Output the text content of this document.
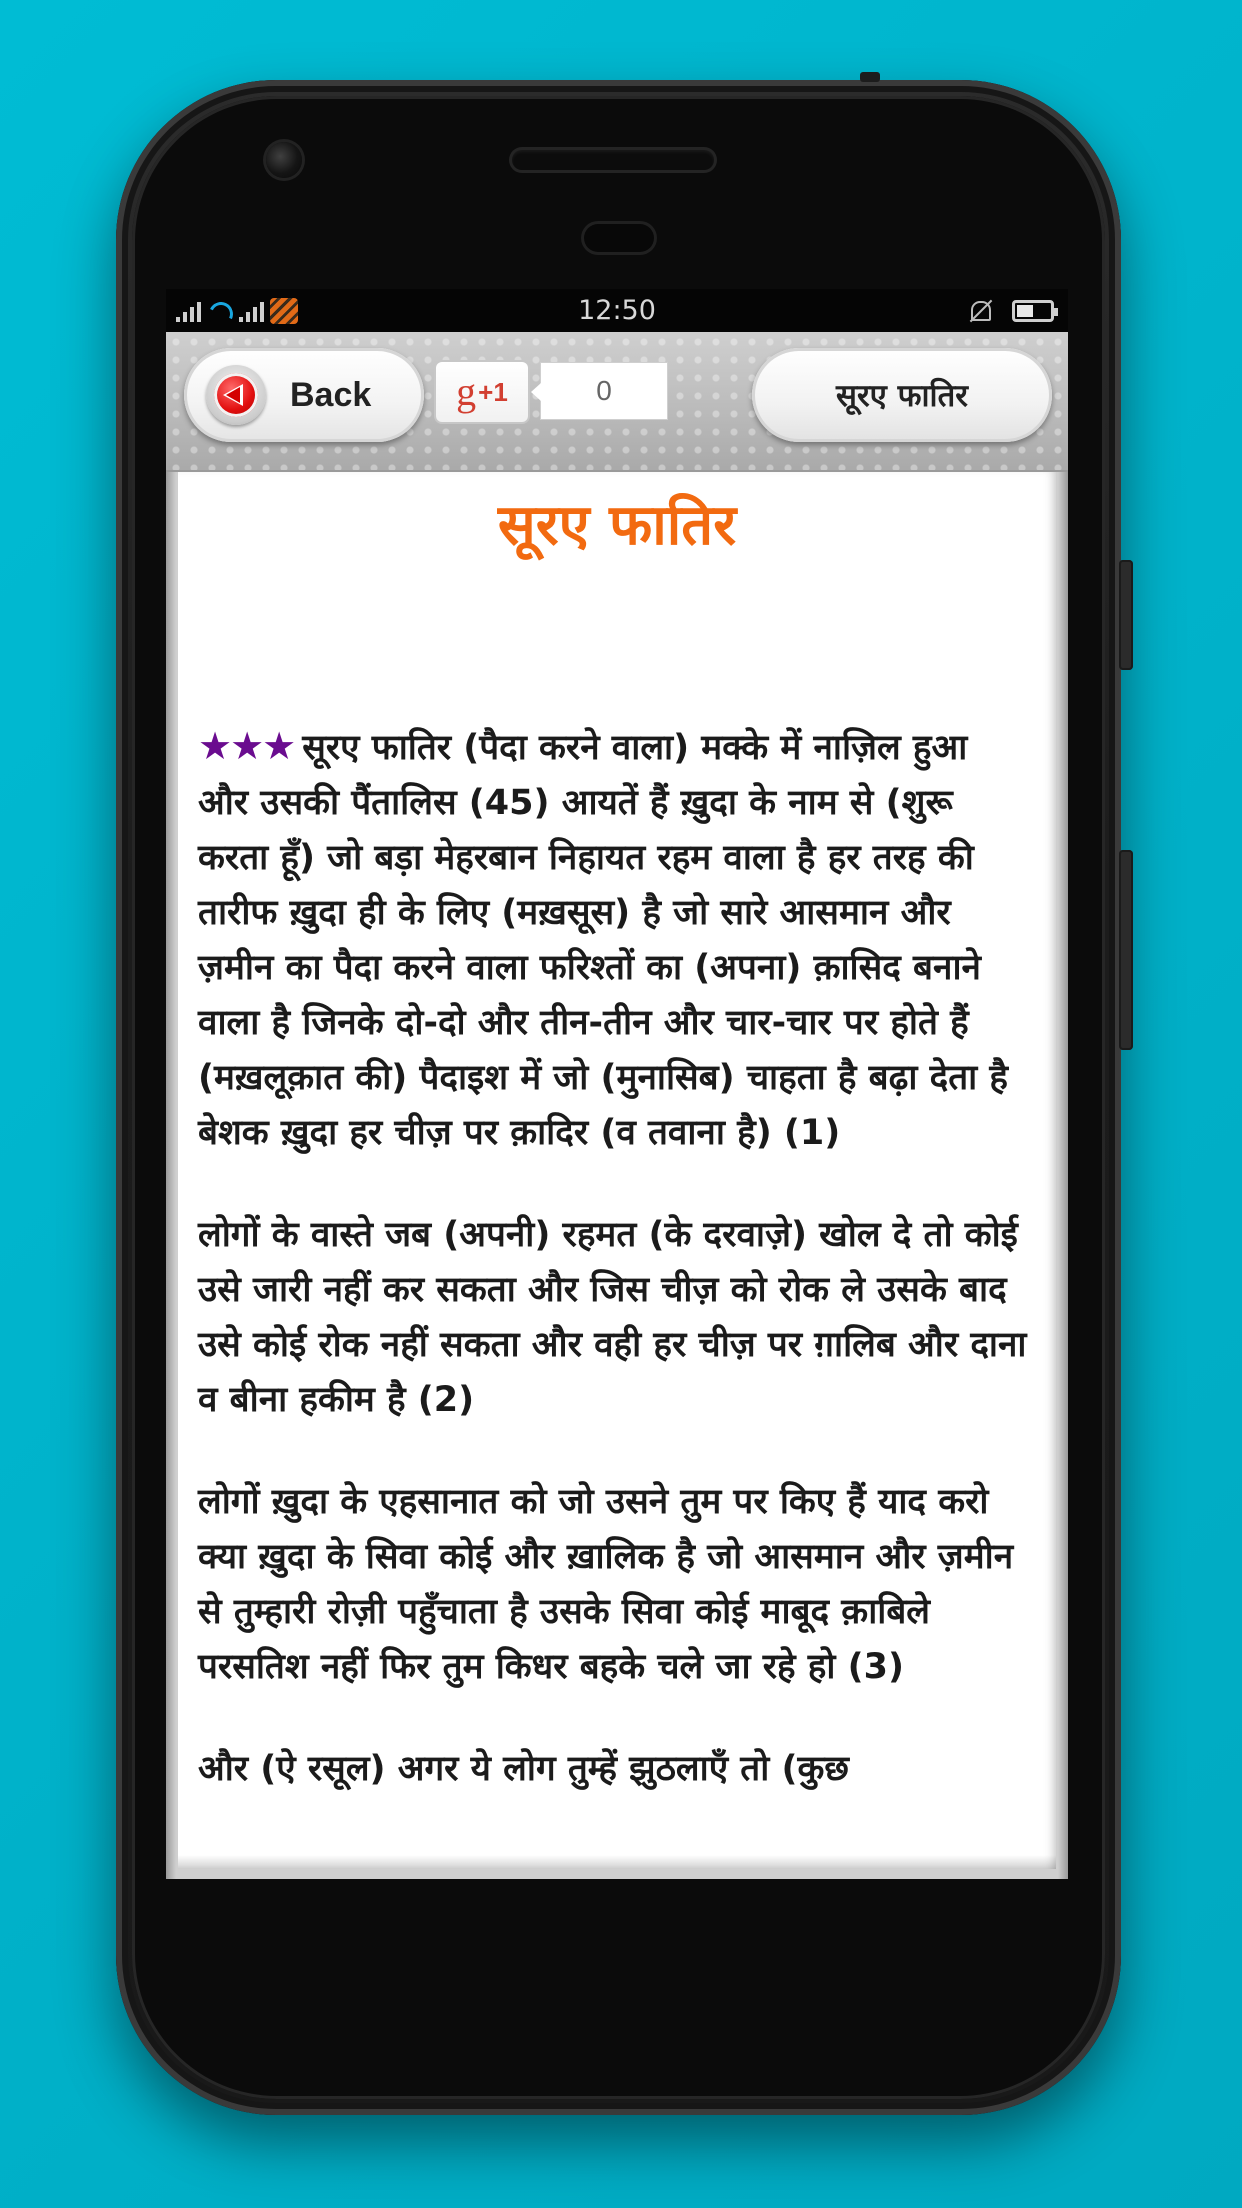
12:50
Back g +1	0	सूरए फातिर
सूरए फातिर

★★★ सूरए फातिर (पैदा करने वाला) मक्के में नाज़िल हुआ और उसकी पैंतालिस (45) आयतें हैं ख़ुदा के नाम से (शुरू करता हूँ) जो बड़ा मेहरबान निहायत रहम वाला है हर तरह की तारीफ ख़ुदा ही के लिए (मख़सूस) है जो सारे आसमान और ज़मीन का पैदा करने वाला फरिश्तों का (अपना) क़ासिद बनाने वाला है जिनके दो-दो और तीन-तीन और चार-चार पर होते हैं (मख़लूक़ात की) पैदाइश में जो (मुनासिब) चाहता है बढ़ा देता है बेशक ख़ुदा हर चीज़ पर क़ादिर (व तवाना है) (1)

लोगों के वास्ते जब (अपनी) रहमत (के दरवाज़े) खोल दे तो कोई उसे जारी नहीं कर सकता और जिस चीज़ को रोक ले उसके बाद उसे कोई रोक नहीं सकता और वही हर चीज़ पर ग़ालिब और दाना व बीना हकीम है (2)

लोगों ख़ुदा के एहसानात को जो उसने तुम पर किए हैं याद करो क्या ख़ुदा के सिवा कोई और ख़ालिक है जो आसमान और ज़मीन से तुम्हारी रोज़ी पहुँचाता है उसके सिवा कोई माबूद क़ाबिले परसतिश नहीं फिर तुम किधर बहके चले जा रहे हो (3)

और (ऐ रसूल) अगर ये लोग तुम्हें झुठलाएँ तो (कुछ
